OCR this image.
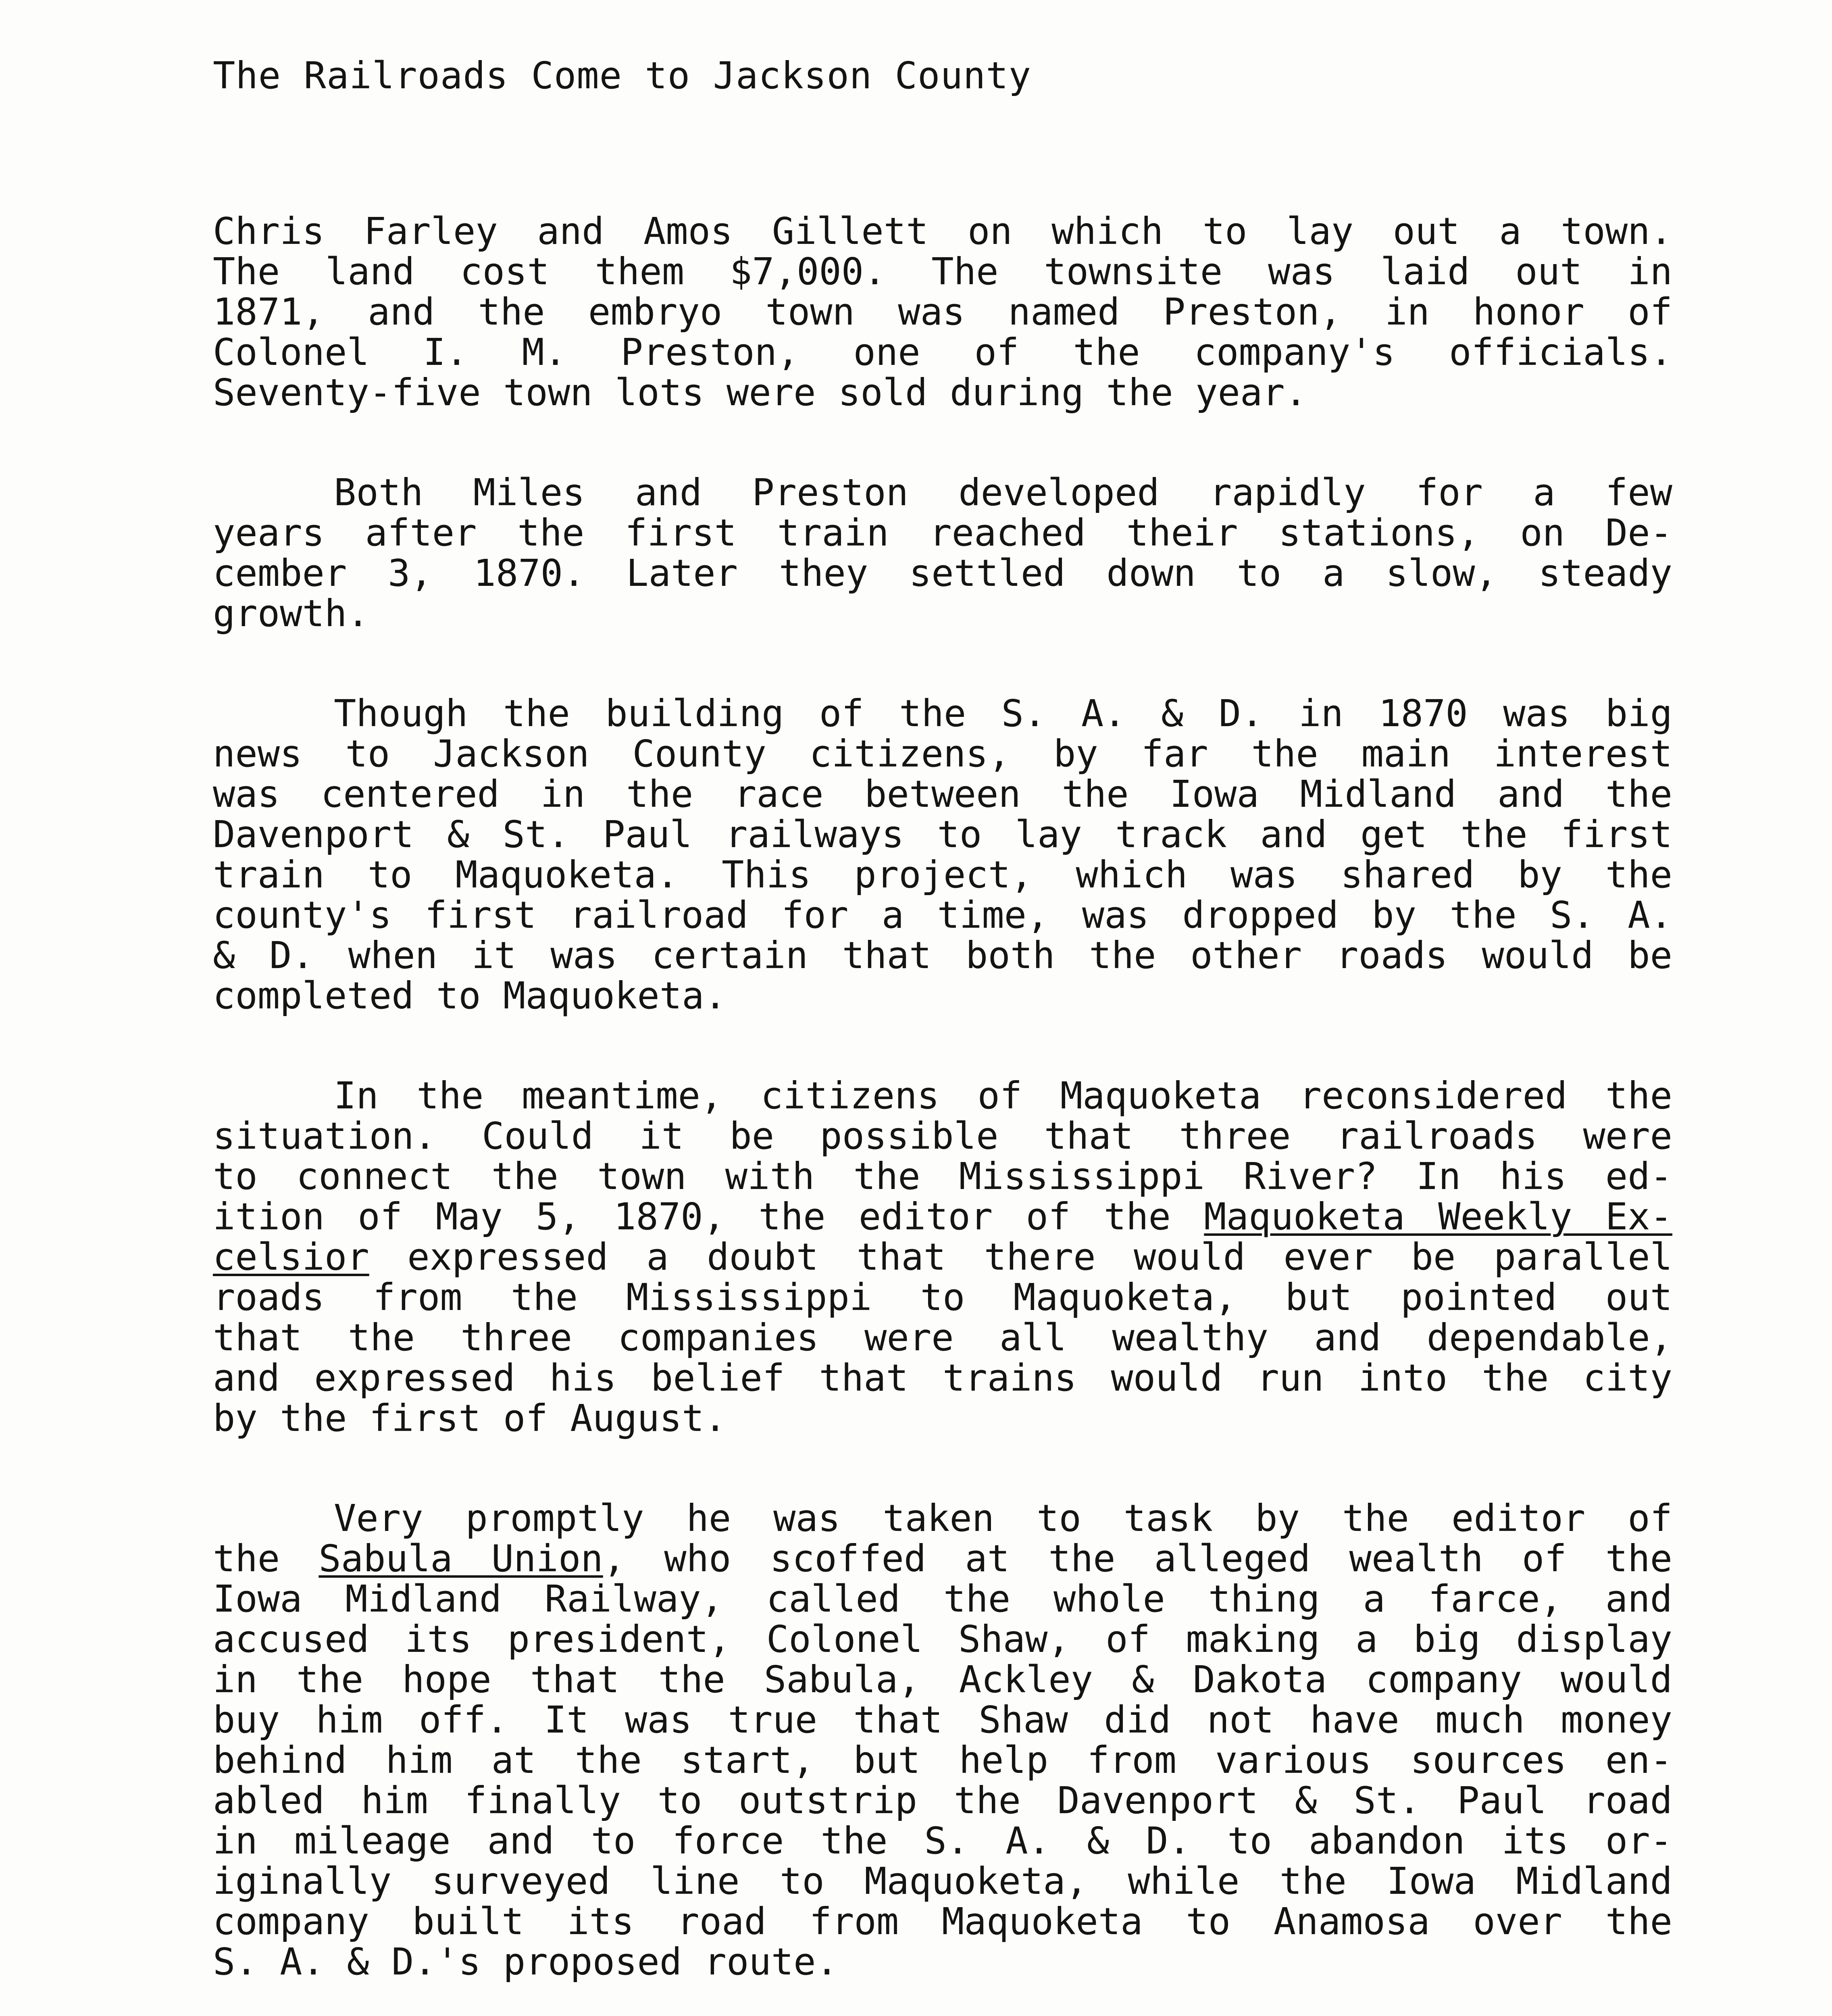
The Railroads Come to Jackson County
Chris Farley and Amos Gillett on which to lay out a town.
The land cost them $7,000. The townsite was laid out in
1871, and the embryo town was named Preston, in honor of
Colonel I. M. Preston, one of the company's officials.
Seventy-five town lots were sold during the year.
Both Miles and Preston developed rapidly for a few
years after the first train reached their stations, on De-
cember 3, 1870. Later they settled down to a slow, steady
growth.
Though the building of the S. A. & D. in 1870 was big
news to Jackson County citizens, by far the main interest
was centered in the race between the Iowa Midland and the
Davenport & St. Paul railways to lay track and get the first
train to Maquoketa. This project, which was shared by the
county's first railroad for a time, was dropped by the S. A.
& D. when it was certain that both the other roads would be
completed to Maquoketa.
In the meantime, citizens of Maquoketa reconsidered the
situation. Could it be possible that three railroads were
to connect the town with the Mississippi River? In his ed-
ition of May 5, 1870, the editor of the Maquoketa Weekly Ex-
celsior expressed a doubt that there would ever be parallel
roads from the Mississippi to Maquoketa, but pointed out
that the three companies were all wealthy and dependable,
and expressed his belief that trains would run into the city
by the first of August.
Very promptly he was taken to task by the editor of
the Sabula Union, who scoffed at the alleged wealth of the
Iowa Midland Railway, called the whole thing a farce, and
accused its president, Colonel Shaw, of making a big display
in the hope that the Sabula, Ackley & Dakota company would
buy him off. It was true that Shaw did not have much money
behind him at the start, but help from various sources en-
abled him finally to outstrip the Davenport & St. Paul road
in mileage and to force the S. A. & D. to abandon its or-
iginally surveyed line to Maquoketa, while the Iowa Midland
company built its road from Maquoketa to Anamosa over the
S. A. & D.'s proposed route.
